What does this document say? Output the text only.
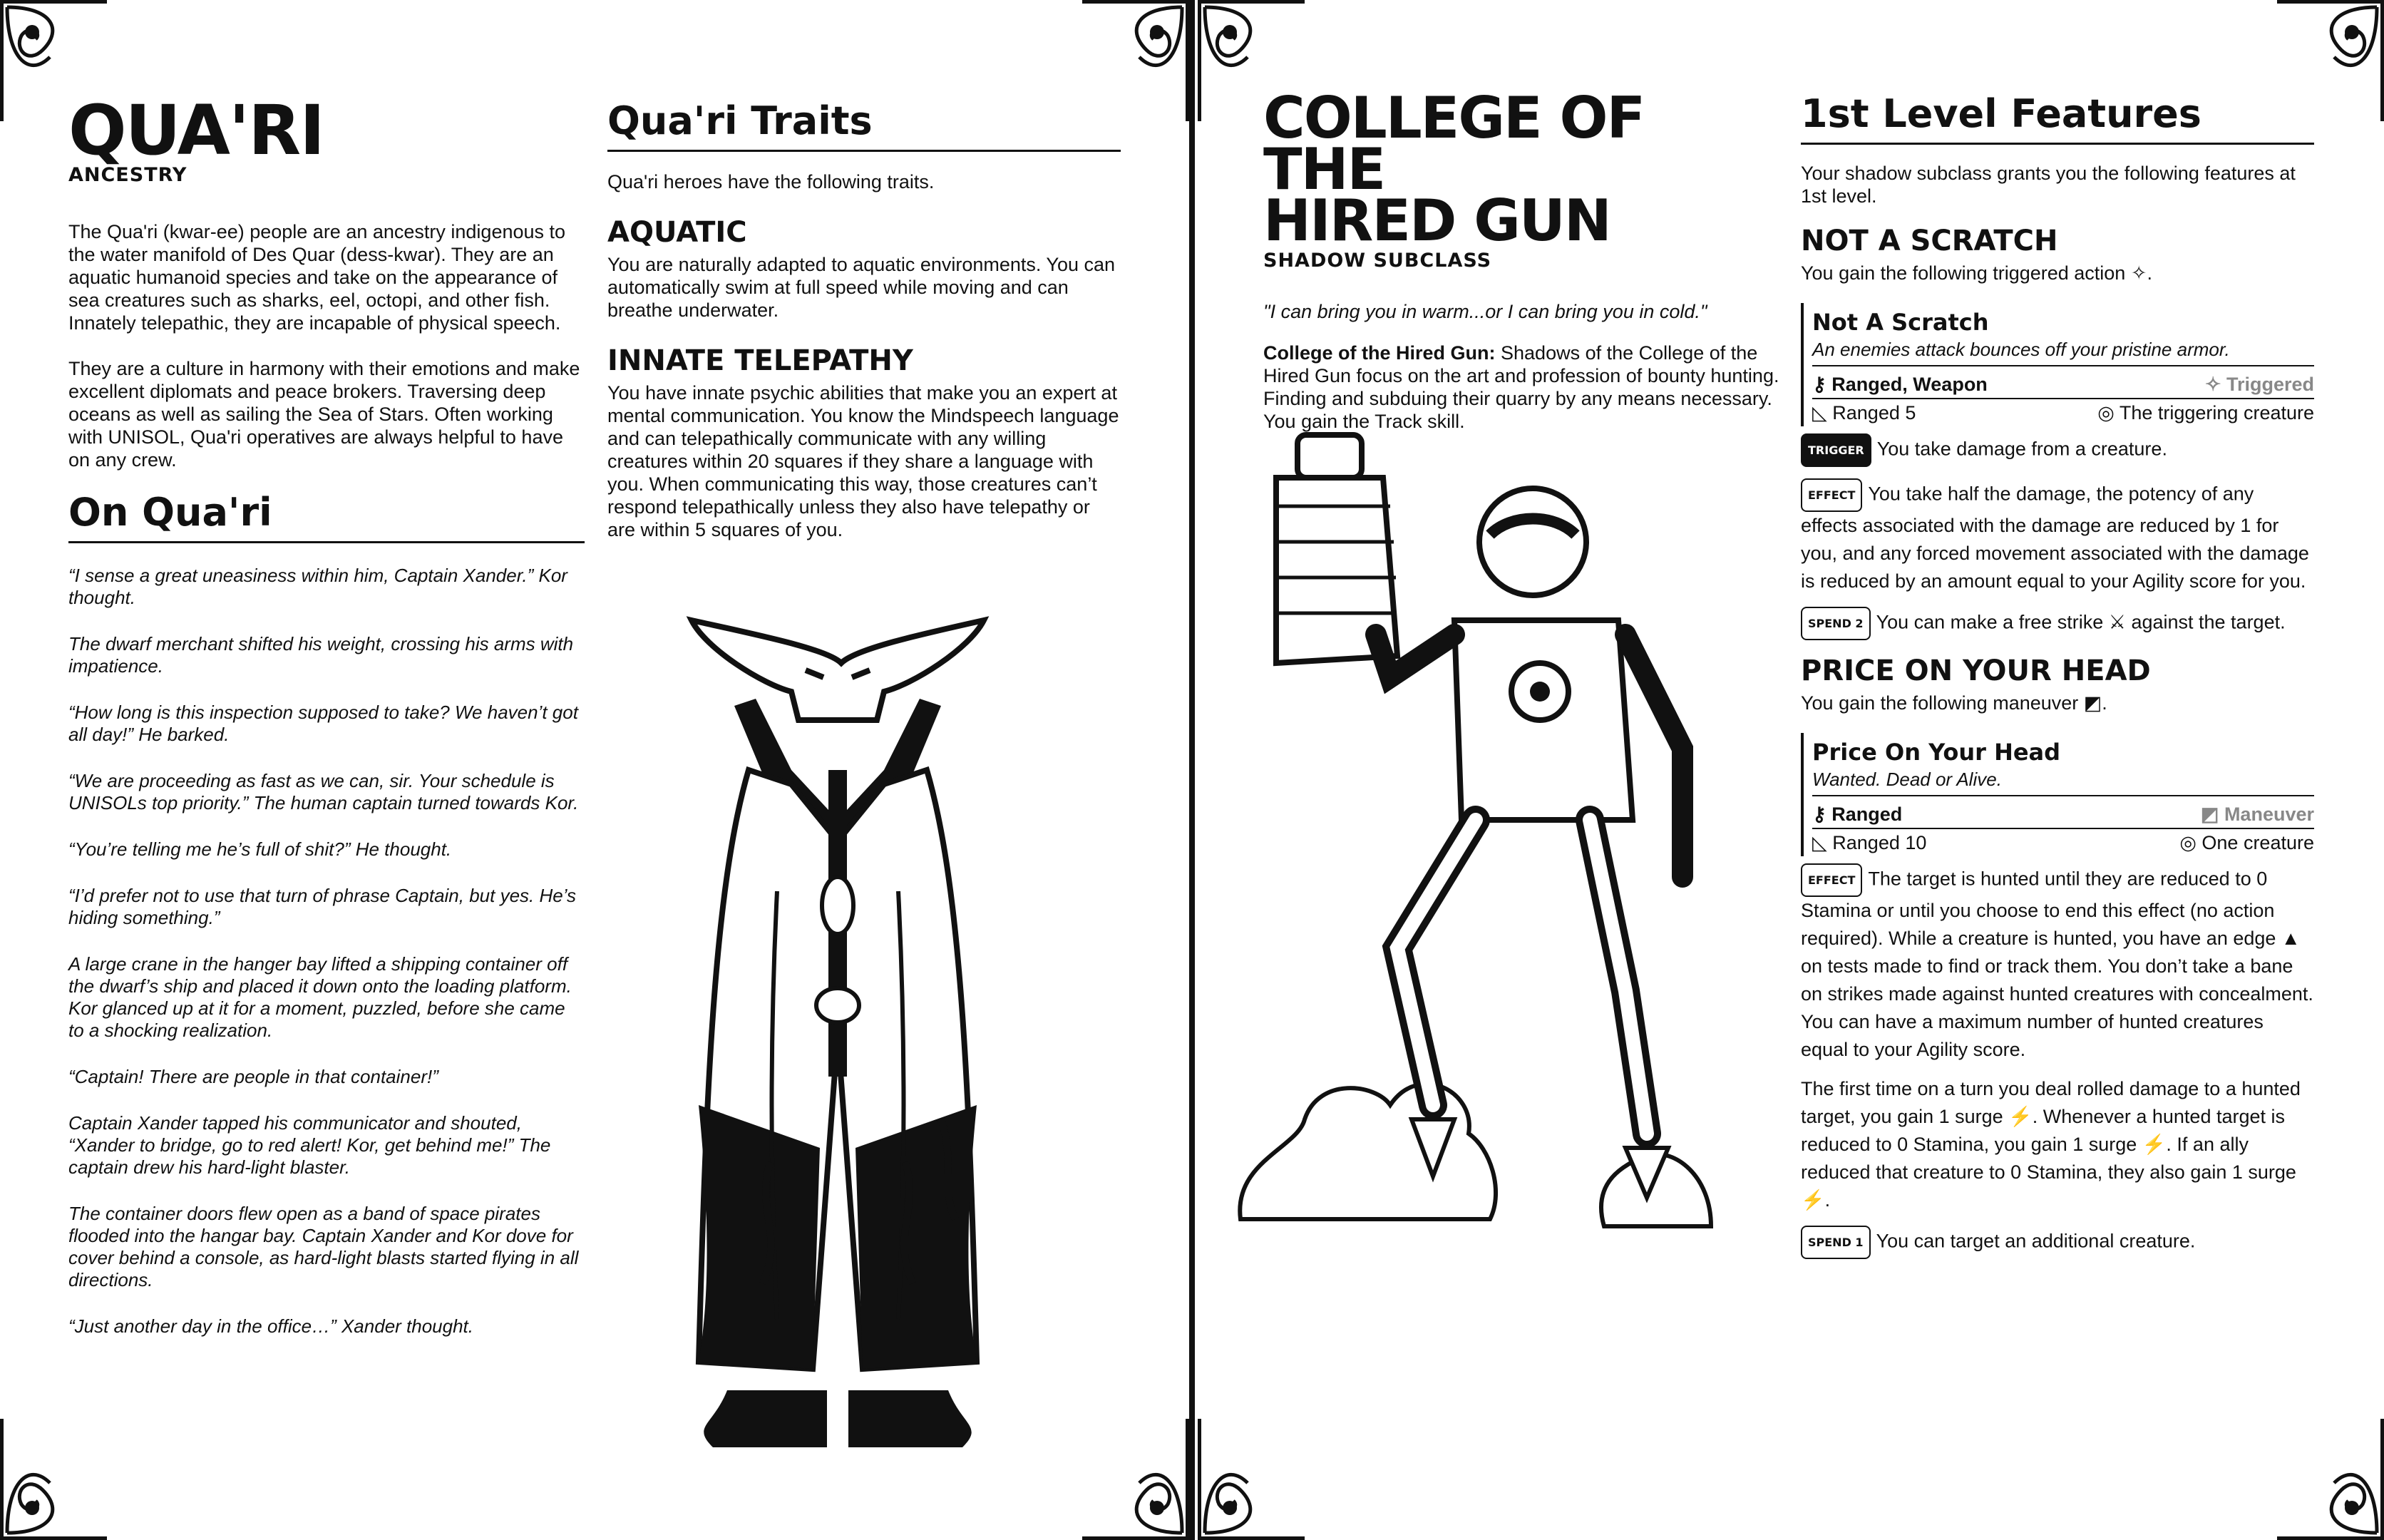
QUA'RI
ANCESTRY

The Qua'ri (kwar-ee) people are an ancestry indigenous to the water manifold of Des Quar (dess-kwar). They are an aquatic humanoid species and take on the appearance of sea creatures such as sharks, eel, octopi, and other fish. Innately telepathic, they are incapable of physical speech.

They are a culture in harmony with their emotions and make excellent diplomats and peace brokers. Traversing deep oceans as well as sailing the Sea of Stars. Often working with UNISOL, Qua'ri operatives are always helpful to have on any crew.

On Qua'ri

“I sense a great uneasiness within him, Captain Xander.” Kor thought.

The dwarf merchant shifted his weight, crossing his arms with impatience.

“How long is this inspection supposed to take? We haven’t got all day!” He barked.

“We are proceeding as fast as we can, sir. Your schedule is UNISOLs top priority.” The human captain turned towards Kor.

“You’re telling me he’s full of shit?” He thought.

“I’d prefer not to use that turn of phrase Captain, but yes. He’s hiding something.”

A large crane in the hanger bay lifted a shipping container off the dwarf’s ship and placed it down onto the loading platform. Kor glanced up at it for a moment, puzzled, before she came to a shocking realization.

“Captain! There are people in that container!”

Captain Xander tapped his communicator and shouted, “Xander to bridge, go to red alert! Kor, get behind me!” The captain drew his hard-light blaster.

The container doors flew open as a band of space pirates flooded into the hangar bay. Captain Xander and Kor dove for cover behind a console, as hard-light blasts started flying in all directions.

“Just another day in the office…” Xander thought.

Qua'ri Traits

Qua'ri heroes have the following traits.

AQUATIC

You are naturally adapted to aquatic environments. You can automatically swim at full speed while moving and can breathe underwater.

INNATE TELEPATHY

You have innate psychic abilities that make you an expert at mental communication. You know the Mindspeech language and can telepathically communicate with any willing creatures within 20 squares if they share a language with you. When communicating this way, those creatures can’t respond telepathically unless they also have telepathy or are within 5 squares of you.

COLLEGE OF THE
HIRED GUN
SHADOW SUBCLASS

"I can bring you in warm...or I can bring you in cold."

College of the Hired Gun: Shadows of the College of the Hired Gun focus on the art and profession of bounty hunting. Finding and subduing their quarry by any means necessary. You gain the Track skill.

1st Level Features

Your shadow subclass grants you the following features at 1st level.

NOT A SCRATCH

You gain the following triggered action ✧.

Not A Scratch
An enemies attack bounces off your pristine armor.
⚷ Ranged, Weapon	✧ Triggered
◺ Ranged 5	◎ The triggering creature

TRIGGER You take damage from a creature.

EFFECT You take half the damage, the potency of any effects associated with the damage are reduced by 1 for you, and any forced movement associated with the damage is reduced by an amount equal to your Agility score for you.

SPEND 2 You can make a free strike ⚔ against the target.

PRICE ON YOUR HEAD

You gain the following maneuver ◩.

Price On Your Head
Wanted. Dead or Alive.
⚷ Ranged	◩ Maneuver
◺ Ranged 10	◎ One creature

EFFECT The target is hunted until they are reduced to 0 Stamina or until you choose to end this effect (no action required). While a creature is hunted, you have an edge ▲ on tests made to find or track them. You don’t take a bane on strikes made against hunted creatures with concealment. You can have a maximum number of hunted creatures equal to your Agility score.

The first time on a turn you deal rolled damage to a hunted target, you gain 1 surge ⚡. Whenever a hunted target is reduced to 0 Stamina, you gain 1 surge ⚡. If an ally reduced that creature to 0 Stamina, they also gain 1 surge ⚡.

SPEND 1 You can target an additional creature.
